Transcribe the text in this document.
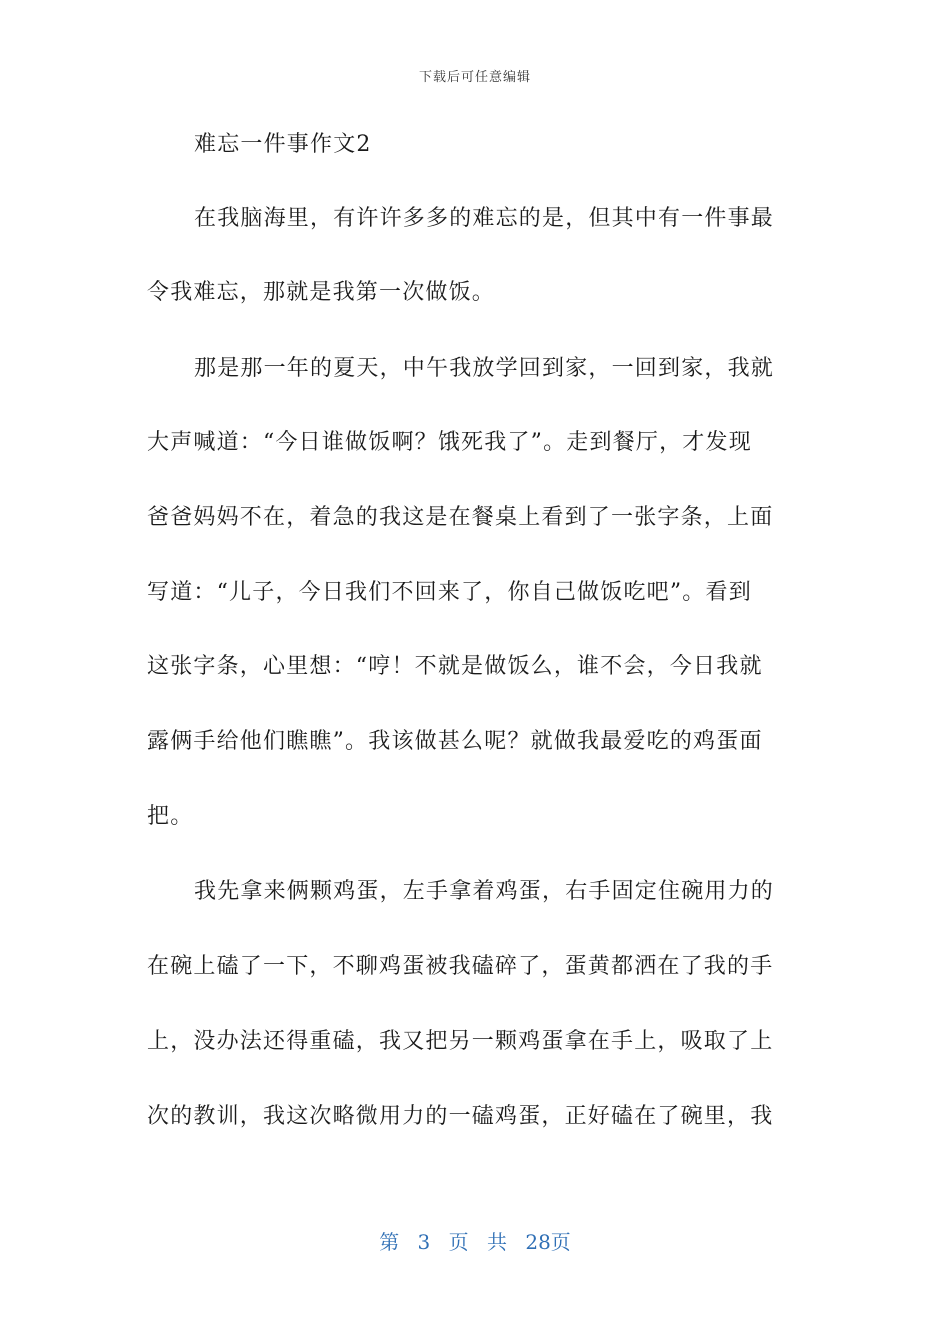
下载后可任意编辑
难忘一件事作文2
在我脑海里，有许许多多的难忘的是，但其中有一件事最
令我难忘，那就是我第一次做饭。
那是那一年的夏天，中午我放学回到家，一回到家，我就
大声喊道：“今日谁做饭啊？饿死我了”。走到餐厅，才发现
爸爸妈妈不在，着急的我这是在餐桌上看到了一张字条，上面
写道：“儿子，今日我们不回来了，你自己做饭吃吧”。看到
这张字条，心里想：“哼！不就是做饭么，谁不会，今日我就
露俩手给他们瞧瞧”。我该做甚么呢？就做我最爱吃的鸡蛋面
把。
我先拿来俩颗鸡蛋，左手拿着鸡蛋，右手固定住碗用力的
在碗上磕了一下，不聊鸡蛋被我磕碎了，蛋黄都洒在了我的手
上，没办法还得重磕，我又把另一颗鸡蛋拿在手上，吸取了上
次的教训，我这次略微用力的一磕鸡蛋，正好磕在了碗里，我
第 3 页 共 28页
